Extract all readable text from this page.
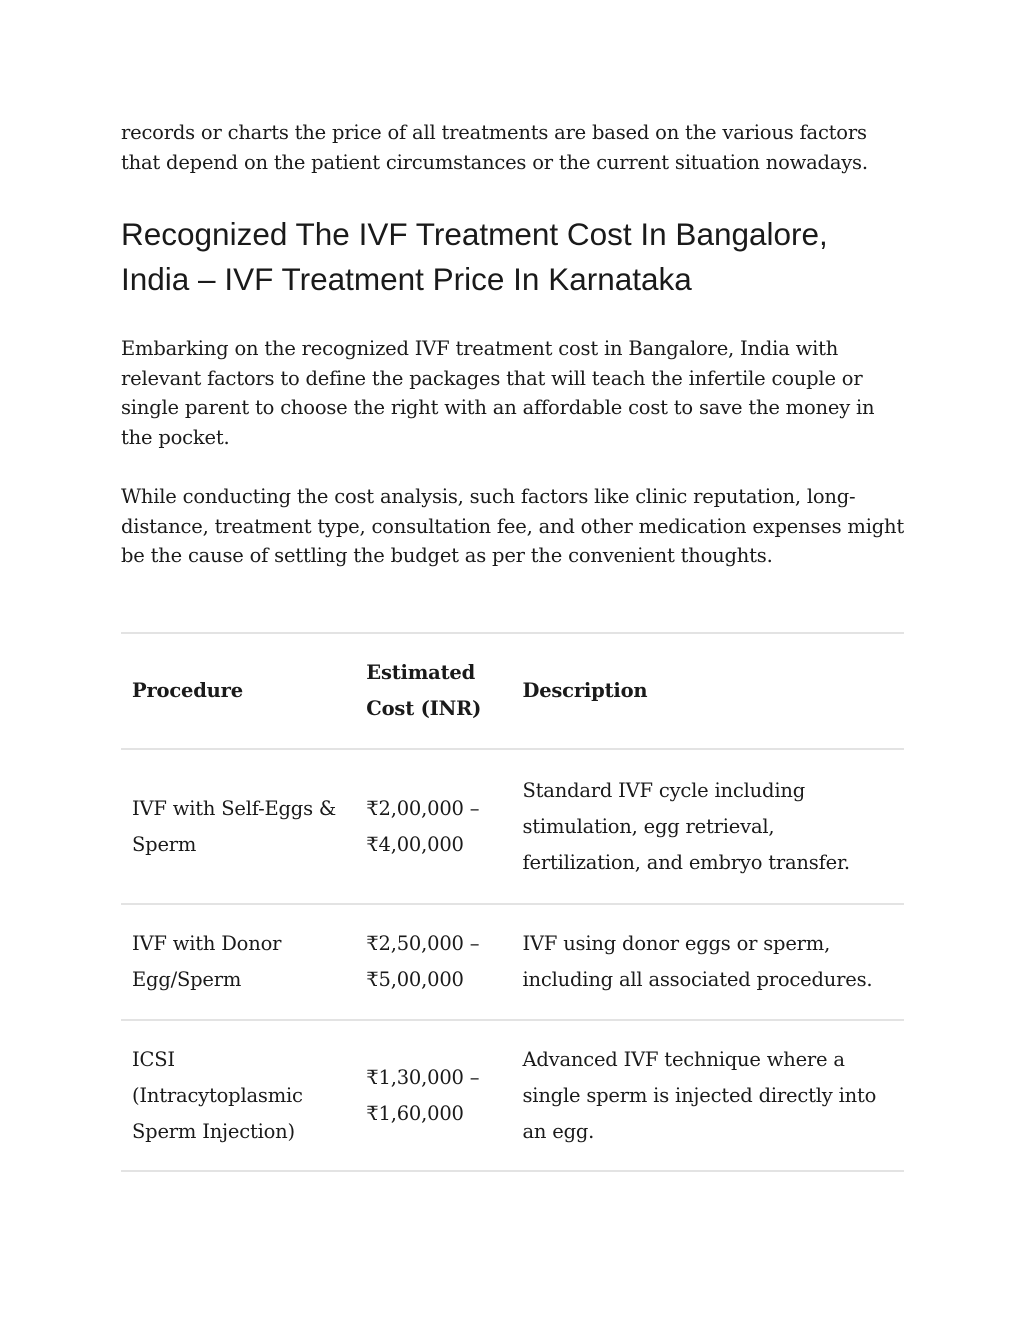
records or charts the price of all treatments are based on the various factors that depend on the patient circumstances or the current situation nowadays.

Recognized The IVF Treatment Cost In Bangalore, India – IVF Treatment Price In Karnataka

Embarking on the recognized IVF treatment cost in Bangalore, India with relevant factors to define the packages that will teach the infertile couple or single parent to choose the right with an affordable cost to save the money in the pocket.

While conducting the cost analysis, such factors like clinic reputation, long-distance, treatment type, consultation fee, and other medication expenses might be the cause of settling the budget as per the convenient thoughts.

Procedure	Estimated Cost (INR)	Description
IVF with Self-Eggs & Sperm	₹2,00,000 – ₹4,00,000	Standard IVF cycle including stimulation, egg retrieval, fertilization, and embryo transfer.
IVF with Donor Egg/Sperm	₹2,50,000 – ₹5,00,000	IVF using donor eggs or sperm, including all associated procedures.
ICSI (Intracytoplasmic Sperm Injection)	₹1,30,000 – ₹1,60,000	Advanced IVF technique where a single sperm is injected directly into an egg.
